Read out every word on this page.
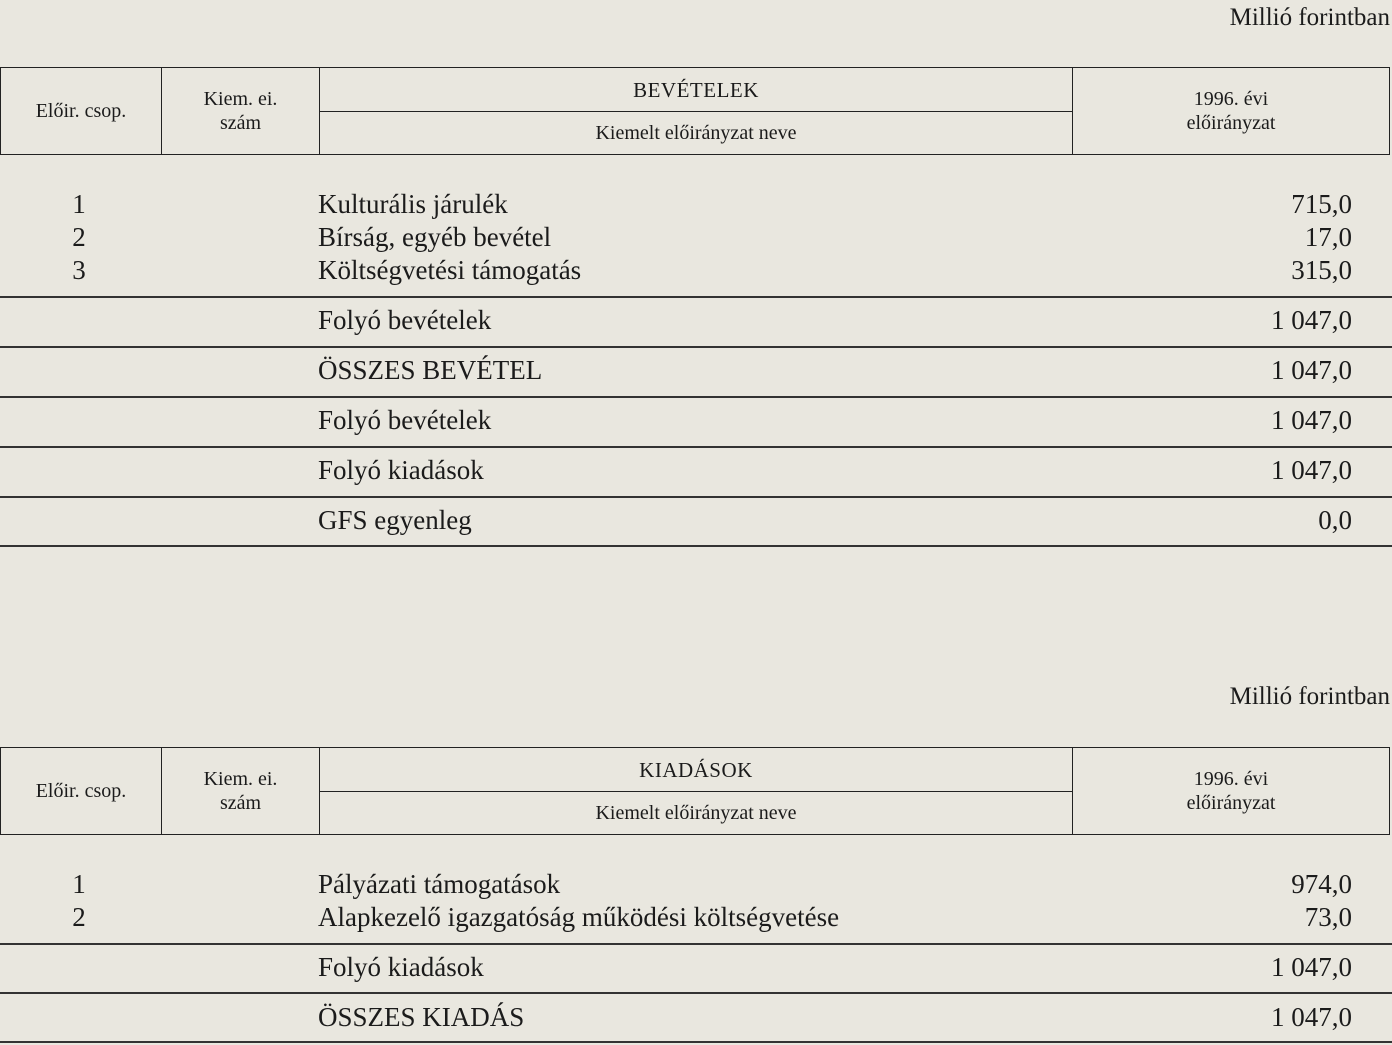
Millió forintban
Előir. csop.
Kiem. ei.
szám
BEVÉTELEK
Kiemelt előirányzat neve
1996. évi
előirányzat
1	Kulturális járulék	715,0
2	Bírság, egyéb bevétel	17,0
3	Költségvetési támogatás	315,0
Folyó bevételek	1 047,0
ÖSSZES BEVÉTEL	1 047,0
Folyó bevételek	1 047,0
Folyó kiadások	1 047,0
GFS egyenleg	0,0
Millió forintban
Előir. csop.
Kiem. ei.
szám
KIADÁSOK
Kiemelt előirányzat neve
1996. évi
előirányzat
1	Pályázati támogatások	974,0
2	Alapkezelő igazgatóság működési költségvetése	73,0
Folyó kiadások	1 047,0
ÖSSZES KIADÁS	1 047,0
